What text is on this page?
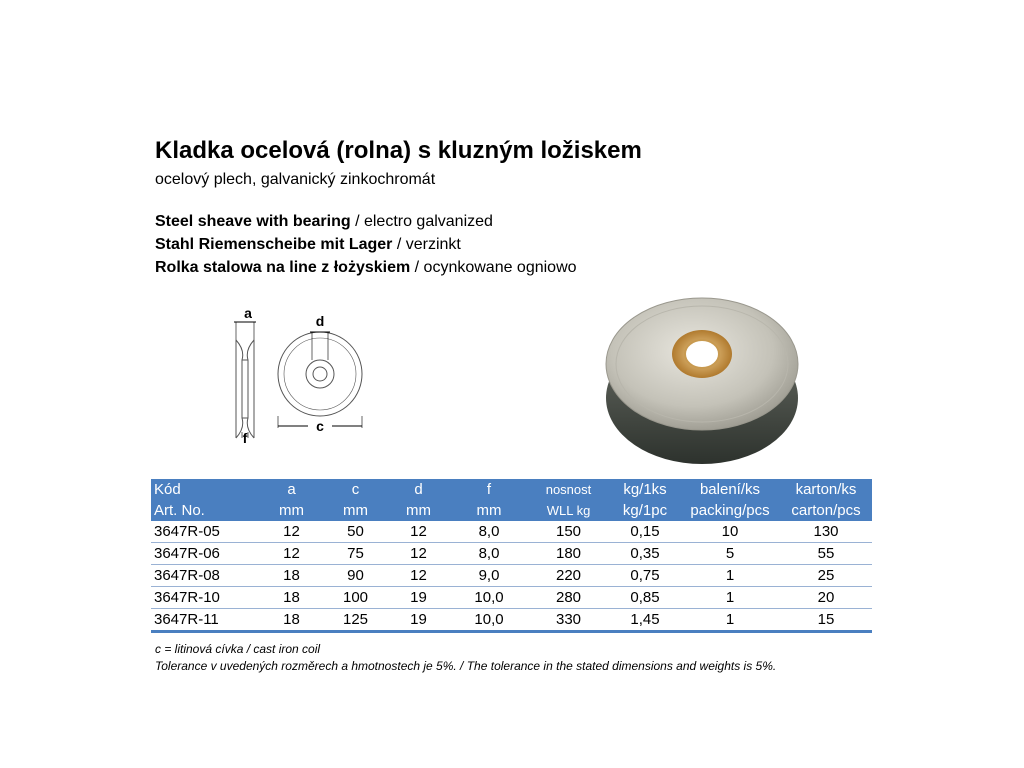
Kladka ocelová (rolna) s kluzným ložiskem
ocelový plech, galvanický zinkochromát
Steel sheave with bearing / electro galvanized
Stahl Riemenscheibe mit Lager / verzinkt
Rolka stalowa na line z łożyskiem / ocynkowane ogniowo
a
f
d
c
Kód	a	c	d	f	nosnost	kg/1ks	balení/ks	karton/ks
Art. No.	mm	mm	mm	mm	WLL kg	kg/1pc	packing/pcs	carton/pcs
3647R-05	12	50	12	8,0	150	0,15	10	130
3647R-06	12	75	12	8,0	180	0,35	5	55
3647R-08	18	90	12	9,0	220	0,75	1	25
3647R-10	18	100	19	10,0	280	0,85	1	20
3647R-11	18	125	19	10,0	330	1,45	1	15
c = litinová cívka / cast iron coil
Tolerance v uvedených rozměrech a hmotnostech je 5%. / The tolerance in the stated dimensions and weights is 5%.
